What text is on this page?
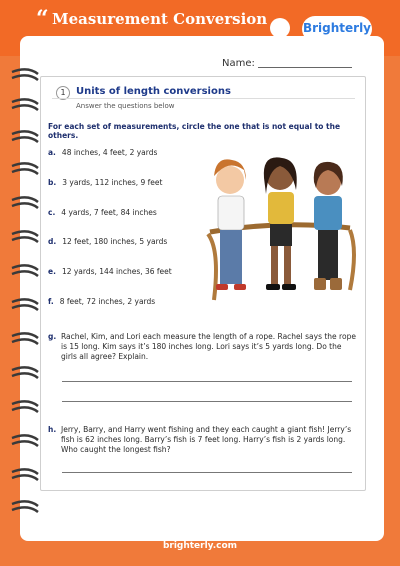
“ Measurement Conversion	Brighterly
Name:
1	Units of length conversions
Answer the questions below
For each set of measurements, circle the one that is not equal to the others.
a. 48 inches, 4 feet, 2 yards
b. 3 yards, 112 inches, 9 feet
c. 4 yards, 7 feet, 84 inches
d. 12 feet, 180 inches, 5 yards
e. 12 yards, 144 inches, 36 feet
f. 8 feet, 72 inches, 2 yards
g. Rachel, Kim, and Lori each measure the length of a rope. Rachel says the rope is 15 long. Kim says it’s 180 inches long. Lori says it’s 5 yards long. Do the girls all agree? Explain.
h. Jerry, Barry, and Harry went fishing and they each caught a giant fish! Jerry’s fish is 62 inches long. Barry’s fish is 7 feet long. Harry’s fish is 2 yards long. Who caught the longest fish?
brighterly.com
